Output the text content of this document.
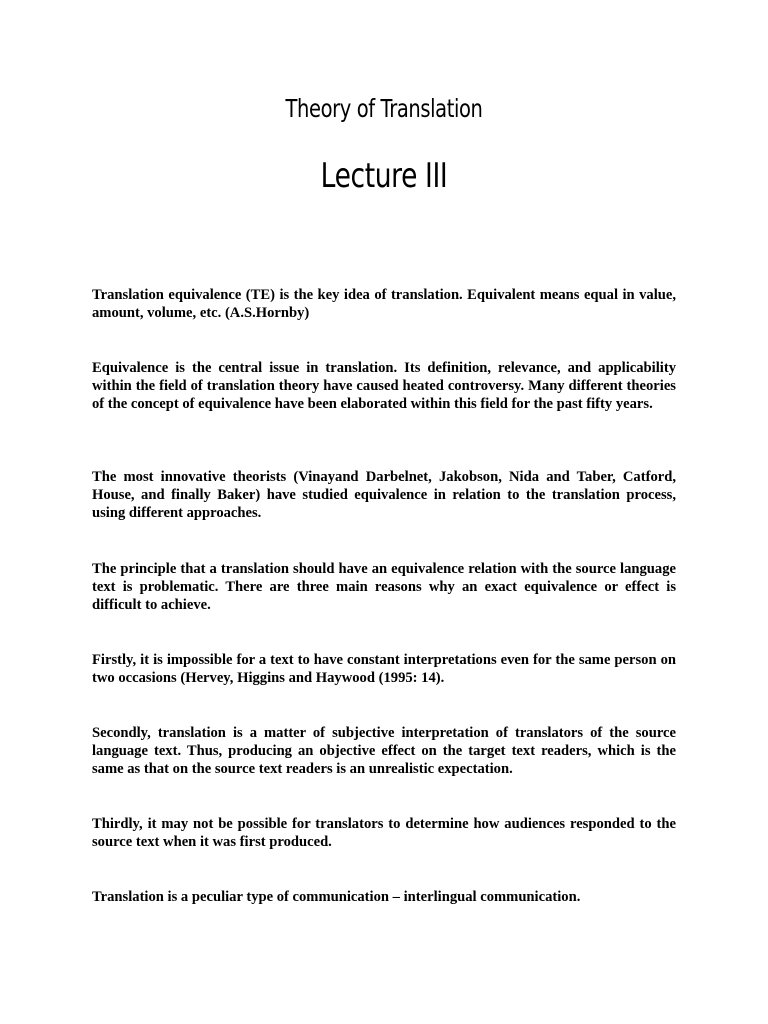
Theory of Translation
Lecture III

Translation equivalence (TE) is the key idea of translation. Equivalent means equal in value, amount, volume, etc. (A.S.Hornby)

Equivalence is the central issue in translation. Its definition, relevance, and applicability within the field of translation theory have caused heated controversy. Many different theories of the concept of equivalence have been elaborated within this field for the past fifty years.

The most innovative theorists (Vinayand Darbelnet, Jakobson, Nida and Taber, Catford, House, and finally Baker) have studied equivalence in relation to the translation process, using different approaches.

The principle that a translation should have an equivalence relation with the source language text is problematic. There are three main reasons why an exact equivalence or effect is difficult to achieve.

Firstly, it is impossible for a text to have constant interpretations even for the same person on two occasions (Hervey, Higgins and Haywood (1995: 14).

Secondly, translation is a matter of subjective interpretation of translators of the source language text. Thus, producing an objective effect on the target text readers, which is the same as that on the source text readers is an unrealistic expectation.

Thirdly, it may not be possible for translators to determine how audiences responded to the source text when it was first produced.

Translation is a peculiar type of communication – interlingual communication.
